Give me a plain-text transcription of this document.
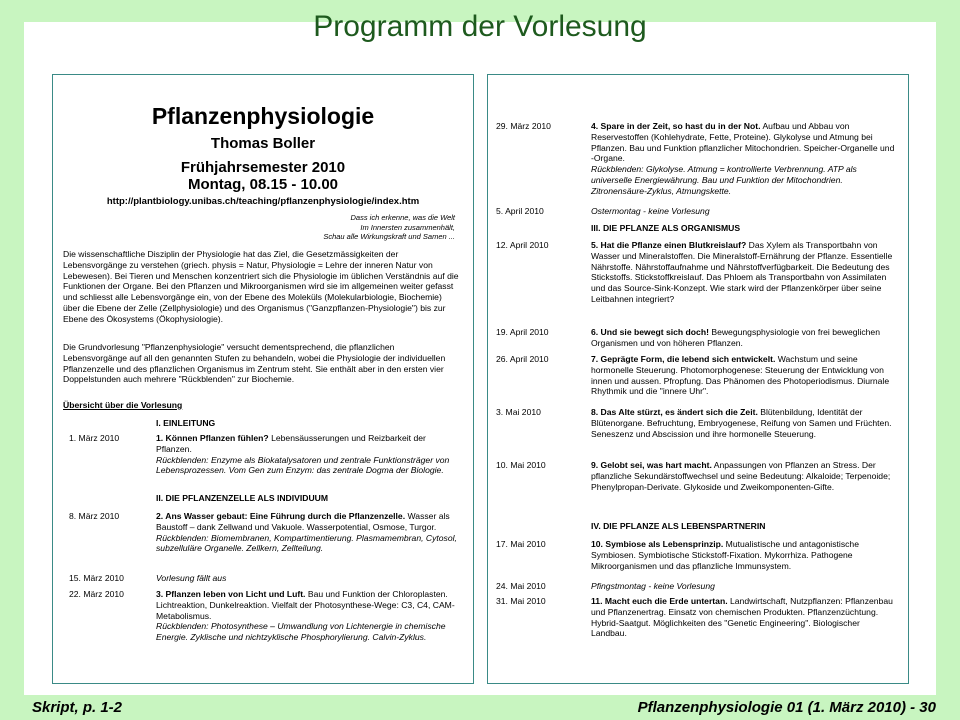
Programm der Vorlesung
Pflanzenphysiologie
Thomas Boller
Frühjahrsemester 2010
Montag, 08.15 - 10.00
http://plantbiology.unibas.ch/teaching/pflanzenphysiologie/index.htm
Dass ich erkenne, was die Welt
Im Innersten zusammenhält,
Schau alle Wirkungskraft und Samen ...
Die wissenschaftliche Disziplin der Physiologie hat das Ziel, die Gesetzmässigkeiten der Lebensvorgänge zu verstehen (griech. physis = Natur, Physiologie = Lehre der inneren Natur von Lebewesen). Bei Tieren und Menschen konzentriert sich die Physiologie im üblichen Verständnis auf die Funktionen der Organe. Bei den Pflanzen und Mikroorganismen wird sie im allgemeinen weiter gefasst und schliesst alle Lebensvorgänge ein, von der Ebene des Moleküls (Molekularbiologie, Biochemie) über die Ebene der Zelle (Zellphysiologie) und des Organismus ("Ganzpflanzen-Physiologie") bis zur Ebene des Ökosystems (Ökophysiologie).
Die Grundvorlesung "Pflanzenphysiologie" versucht dementsprechend, die pflanzlichen Lebensvorgänge auf all den genannten Stufen zu behandeln, wobei die Physiologie der individuellen Pflanzenzelle und des pflanzlichen Organismus im Zentrum steht. Sie enthält aber in den ersten vier Doppelstunden auch mehrere "Rückblenden" zur Biochemie.
Übersicht über die Vorlesung
I. EINLEITUNG
1. März 2010	1. Können Pflanzen fühlen? Lebensäusserungen und Reizbarkeit der Pflanzen.
Rückblenden: Enzyme als Biokatalysatoren und zentrale Funktionsträger von Lebensprozessen. Vom Gen zum Enzym: das zentrale Dogma der Biologie.
II. DIE PFLANZENZELLE ALS INDIVIDUUM
8. März 2010	2. Ans Wasser gebaut: Eine Führung durch die Pflanzenzelle. Wasser als Baustoff – dank Zellwand und Vakuole. Wasserpotential, Osmose, Turgor.
Rückblenden: Biomembranen, Kompartimentierung. Plasmamembran, Cytosol, subzelluläre Organelle. Zellkern, Zellteilung.
15. März 2010	Vorlesung fällt aus
22. März 2010	3. Pflanzen leben von Licht und Luft. Bau und Funktion der Chloroplasten. Lichtreaktion, Dunkelreaktion. Vielfalt der Photosynthese-Wege: C3, C4, CAM-Metabolismus.
Rückblenden: Photosynthese – Umwandlung von Lichtenergie in chemische Energie. Zyklische und nichtzyklische Phosphorylierung. Calvin-Zyklus.
29. März 2010	4. Spare in der Zeit, so hast du in der Not. Aufbau und Abbau von Reservestoffen (Kohlehydrate, Fette, Proteine). Glykolyse und Atmung bei Pflanzen. Bau und Funktion pflanzlicher Mitochondrien. Speicher-Organelle und -Organe.
Rückblenden: Glykolyse. Atmung = kontrollierte Verbrennung. ATP als universelle Energiewährung. Bau und Funktion der Mitochondrien. Zitronensäure-Zyklus, Atmungskette.
5. April 2010	Ostermontag - keine Vorlesung
III. DIE PFLANZE ALS ORGANISMUS
12. April 2010	5. Hat die Pflanze einen Blutkreislauf? Das Xylem als Transportbahn von Wasser und Mineralstoffen. Die Mineralstoff-Ernährung der Pflanze. Essentielle Nährstoffe. Nährstoffaufnahme und Nährstoffverfügbarkeit. Die Bedeutung des Stickstoffs. Stickstoffkreislauf. Das Phloem als Transportbahn von Assimilaten und das Source-Sink-Konzept. Wie stark wird der Pflanzenkörper über seine Leitbahnen integriert?
19. April 2010	6. Und sie bewegt sich doch! Bewegungsphysiologie von frei beweglichen Organismen und von höheren Pflanzen.
26. April 2010	7. Geprägte Form, die lebend sich entwickelt. Wachstum und seine hormonelle Steuerung. Photomorphogenese: Steuerung der Entwicklung von innen und aussen. Pfropfung. Das Phänomen des Photoperiodismus. Diurnale Rhythmik und die "innere Uhr".
3. Mai 2010	8. Das Alte stürzt, es ändert sich die Zeit. Blütenbildung, Identität der Blütenorgane. Befruchtung, Embryogenese, Reifung von Samen und Früchten. Seneszenz und Abscission und ihre hormonelle Steuerung.
10. Mai 2010	9. Gelobt sei, was hart macht. Anpassungen von Pflanzen an Stress. Der pflanzliche Sekundärstoffwechsel und seine Bedeutung: Alkaloide; Terpenoide; Phenylpropan-Derivate. Glykoside und Zweikomponenten-Gifte.
IV. DIE PFLANZE ALS LEBENSPARTNERIN
17. Mai 2010	10. Symbiose als Lebensprinzip. Mutualistische und antagonistische Symbiosen. Symbiotische Stickstoff-Fixation. Mykorrhiza. Pathogene Mikroorganismen und das pflanzliche Immunsystem.
24. Mai 2010	Pfingstmontag - keine Vorlesung
31. Mai 2010	11. Macht euch die Erde untertan. Landwirtschaft, Nutzpflanzen: Pflanzenbau und Pflanzenertrag. Einsatz von chemischen Produkten. Pflanzenzüchtung. Hybrid-Saatgut. Möglichkeiten des "Genetic Engineering". Biologischer Landbau.
Skript, p. 1-2	Pflanzenphysiologie 01 (1. März 2010) - 30
